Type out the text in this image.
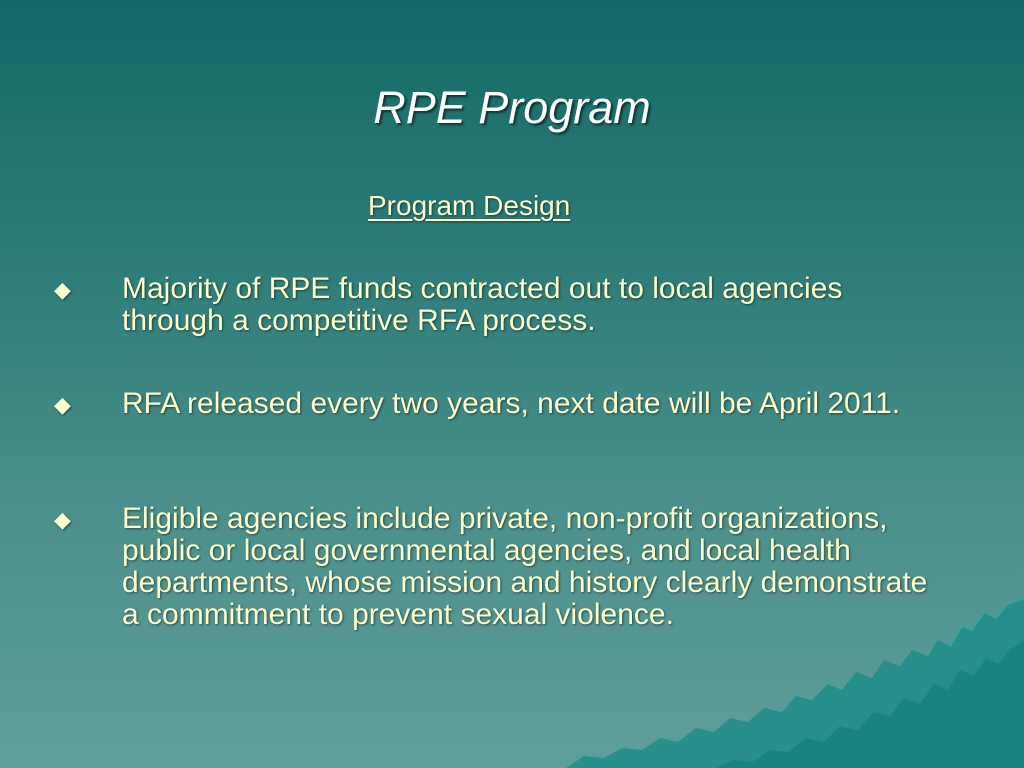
RPE Program
Program Design
◆ Majority of RPE funds contracted out to local agencies through a competitive RFA process.
◆ RFA released every two years, next date will be April 2011.
◆ Eligible agencies include private, non-profit organizations, public or local governmental agencies, and local health departments, whose mission and history clearly demonstrate a commitment to prevent sexual violence.
